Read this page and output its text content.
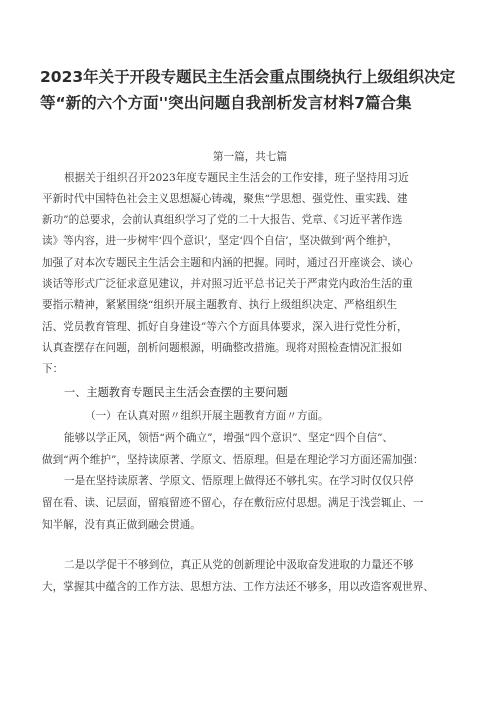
2023年关于开段专题民主生活会重点围绕执行上级组织决定
等“新的六个方面''突出问题自我剖析发言材料7篇合集
第一篇，共七篇
根据关于组织召开2023年度专题民主生活会的工作安排，班子坚持用习近
平新时代中国特色社会主义思想凝心铸魂，聚焦“学思想、强党性、重实践、建
新功”的总要求，会前认真组织学习了党的二十大报告、党章、《习近平著作选
读》等内容，进一步树牢‘四个意识’，坚定‘四个自信’，坚决做到‘两个维护，
加强了对本次专题民主生活会主题和内涵的把握。同时，通过召开座谈会、谈心
谈话等形式广泛征求意见建议，并对照习近平总书记关于严肃党内政治生活的重
要指示精神，紧紧围绕“组织开展主题教育、执行上级组织决定、严格组织生
活、党员教育管理、抓好自身建设”等六个方面具体要求，深入进行党性分析，
认真查摆存在问题，剖析问题根源，明确整改措施。现将对照检查情况汇报如
下：
一、主题教育专题民主生活会查摆的主要问题
（一）在认真对照〃组织开展主题教育方面〃方面。
能够以学正风，领悟“两个确立”，增强“四个意识”、坚定“四个自信”、
做到“两个维护”，坚持读原著、学原文、悟原理。但是在理论学习方面还需加强：
一是在坚持读原著、学原文、悟原理上做得还不够扎实。在学习时仅仅只停
留在看、读、记层面，留痕留迹不留心，存在敷衍应付思想。满足于浅尝辄止、一
知半解，没有真正做到融会贯通。
二是以学促干不够到位，真正从党的创新理论中汲取奋发进取的力量还不够
大，掌握其中蕴含的工作方法、思想方法、工作方法还不够多，用以改造客观世界、
